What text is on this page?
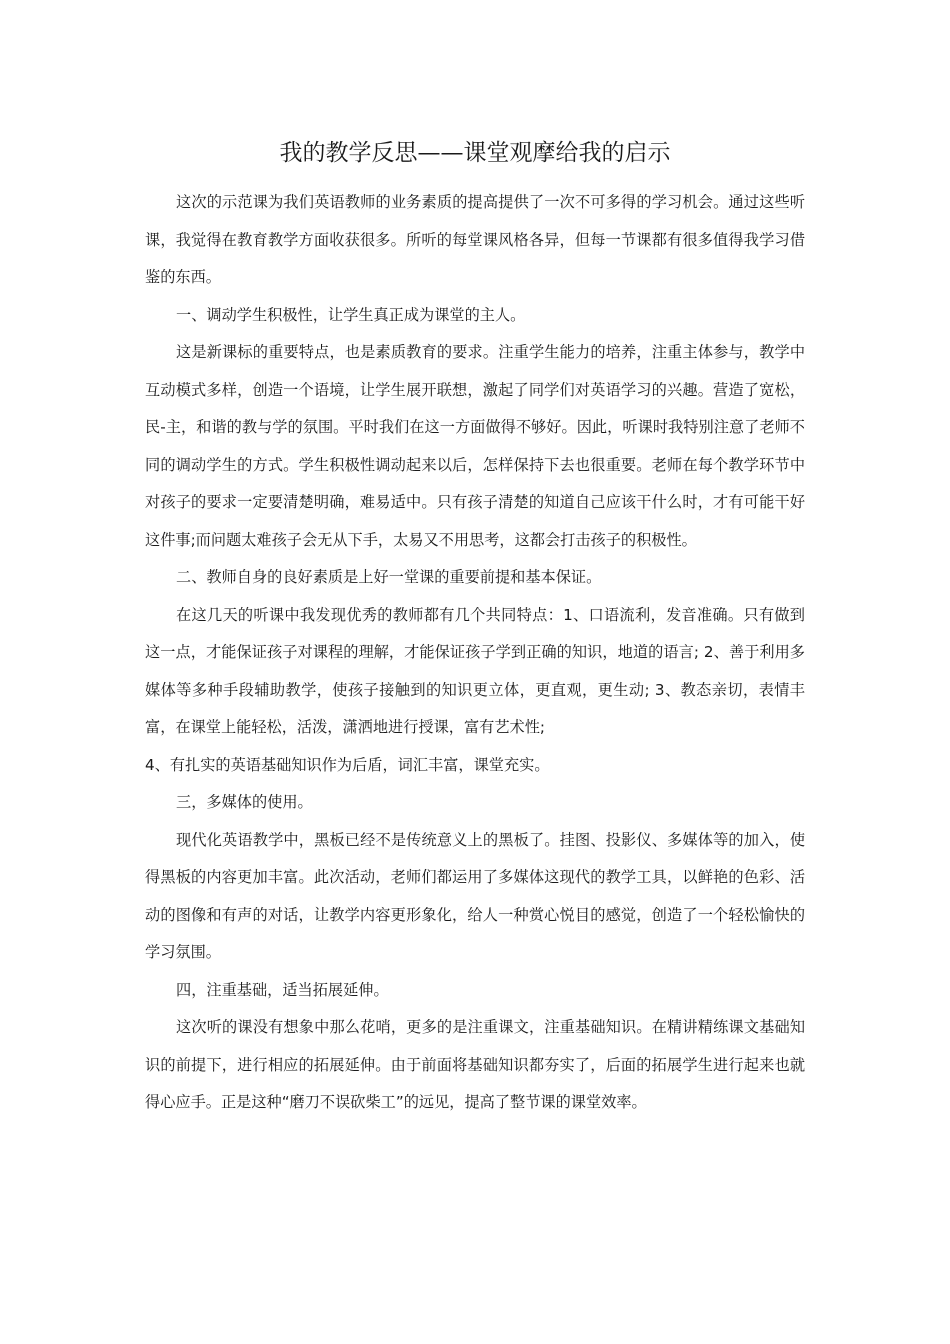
我的教学反思——课堂观摩给我的启示

这次的示范课为我们英语教师的业务素质的提高提供了一次不可多得的学习机会。通过这些听课，我觉得在教育教学方面收获很多。所听的每堂课风格各异，但每一节课都有很多值得我学习借鉴的东西。

一、调动学生积极性，让学生真正成为课堂的主人。

这是新课标的重要特点，也是素质教育的要求。注重学生能力的培养，注重主体参与，教学中互动模式多样，创造一个语境，让学生展开联想，激起了同学们对英语学习的兴趣。营造了宽松，民-主，和谐的教与学的氛围。平时我们在这一方面做得不够好。因此，听课时我特别注意了老师不同的调动学生的方式。学生积极性调动起来以后，怎样保持下去也很重要。老师在每个教学环节中对孩子的要求一定要清楚明确，难易适中。只有孩子清楚的知道自己应该干什么时，才有可能干好这件事;而问题太难孩子会无从下手，太易又不用思考，这都会打击孩子的积极性。

二、教师自身的良好素质是上好一堂课的重要前提和基本保证。

在这几天的听课中我发现优秀的教师都有几个共同特点：1、口语流利，发音准确。只有做到这一点，才能保证孩子对课程的理解，才能保证孩子学到正确的知识，地道的语言; 2、善于利用多媒体等多种手段辅助教学，使孩子接触到的知识更立体，更直观，更生动; 3、教态亲切，表情丰富，在课堂上能轻松，活泼，潇洒地进行授课，富有艺术性;

4、有扎实的英语基础知识作为后盾，词汇丰富，课堂充实。

三，多媒体的使用。

现代化英语教学中，黑板已经不是传统意义上的黑板了。挂图、投影仪、多媒体等的加入，使得黑板的内容更加丰富。此次活动，老师们都运用了多媒体这现代的教学工具，以鲜艳的色彩、活动的图像和有声的对话，让教学内容更形象化，给人一种赏心悦目的感觉，创造了一个轻松愉快的学习氛围。

四，注重基础，适当拓展延伸。

这次听的课没有想象中那么花哨，更多的是注重课文，注重基础知识。在精讲精练课文基础知识的前提下，进行相应的拓展延伸。由于前面将基础知识都夯实了，后面的拓展学生进行起来也就得心应手。正是这种“磨刀不误砍柴工”的远见，提高了整节课的课堂效率。
